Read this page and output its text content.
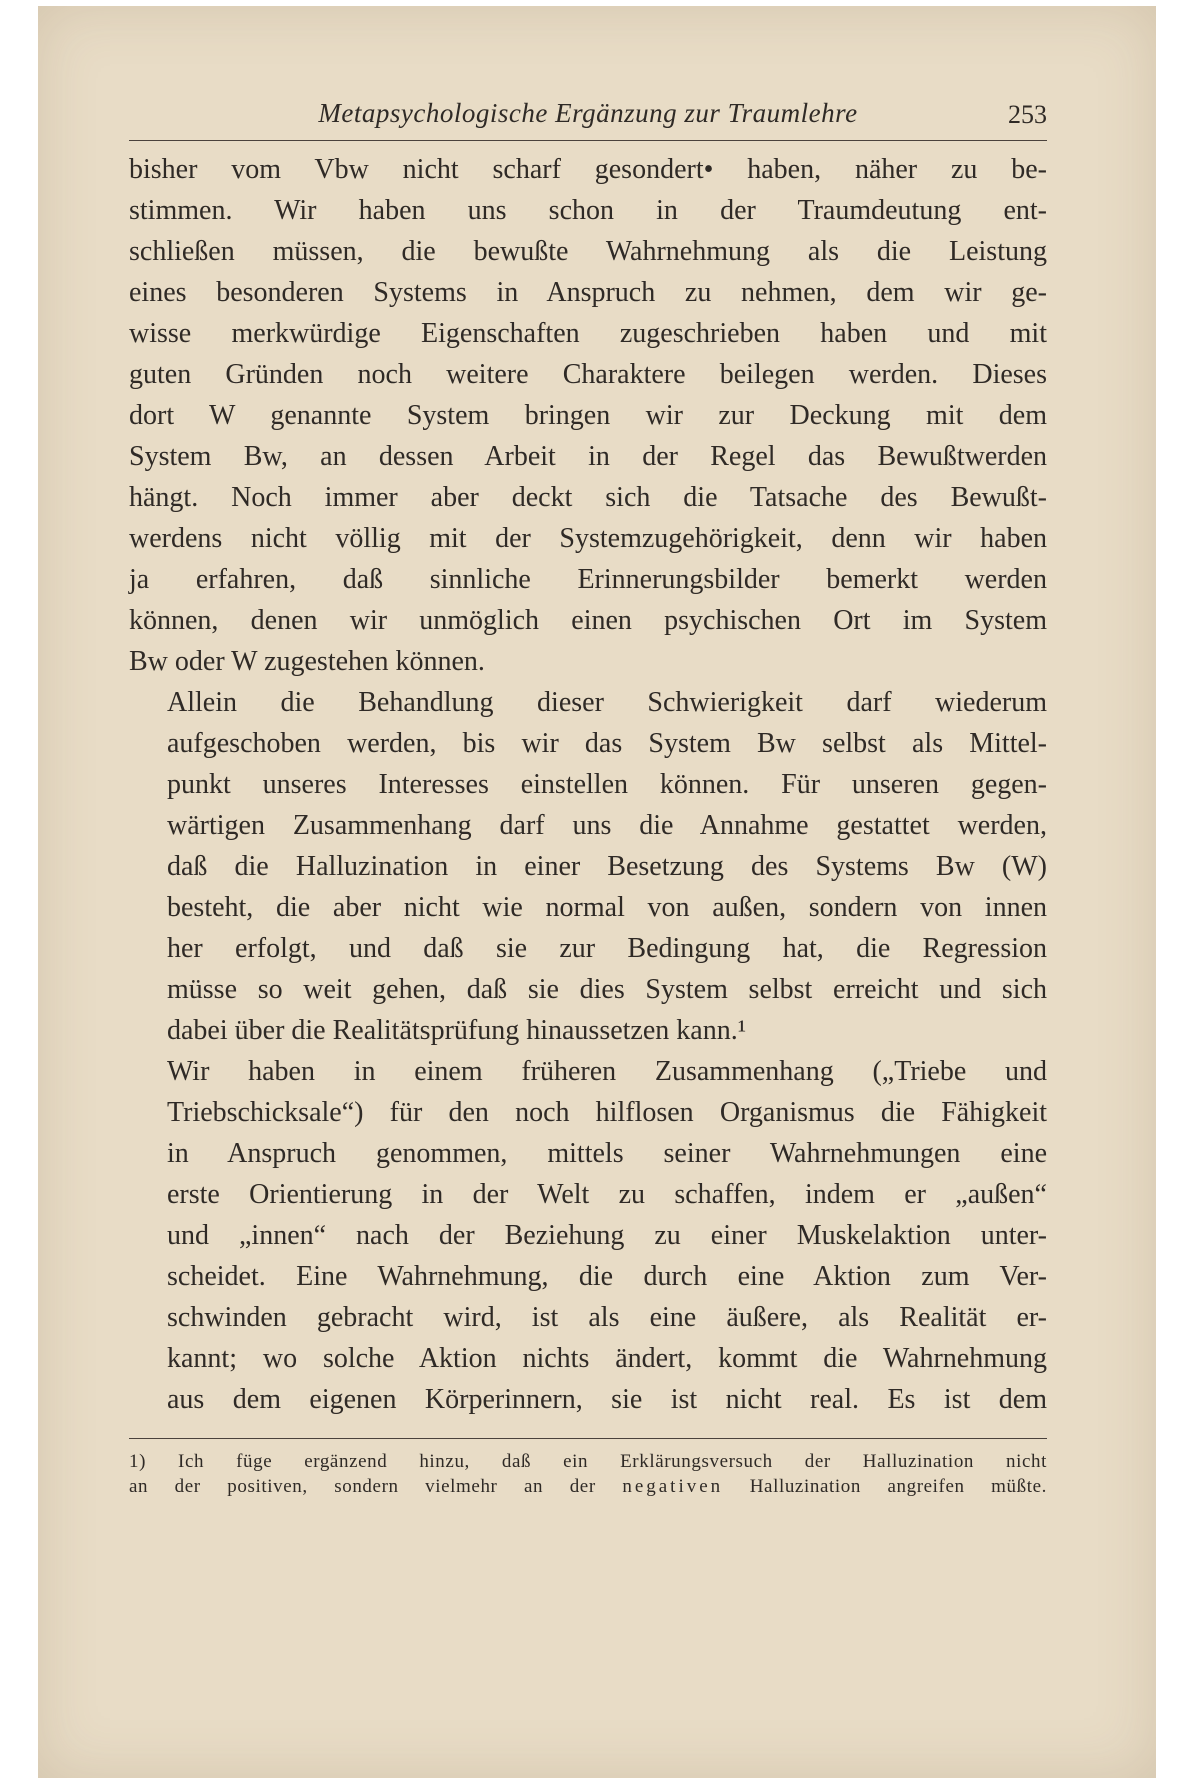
Metapsychologische Ergänzung zur Traumlehre	253

bisher vom Vbw nicht scharf gesondert• haben, näher zu be-
stimmen. Wir haben uns schon in der Traumdeutung ent-
schließen müssen, die bewußte Wahrnehmung als die Leistung
eines besonderen Systems in Anspruch zu nehmen, dem wir ge-
wisse merkwürdige Eigenschaften zugeschrieben haben und mit
guten Gründen noch weitere Charaktere beilegen werden. Dieses
dort W genannte System bringen wir zur Deckung mit dem
System Bw, an dessen Arbeit in der Regel das Bewußtwerden
hängt. Noch immer aber deckt sich die Tatsache des Bewußt-
werdens nicht völlig mit der Systemzugehörigkeit, denn wir haben
ja erfahren, daß sinnliche Erinnerungsbilder bemerkt werden
können, denen wir unmöglich einen psychischen Ort im System
Bw oder W zugestehen können.

Allein die Behandlung dieser Schwierigkeit darf wiederum
aufgeschoben werden, bis wir das System Bw selbst als Mittel-
punkt unseres Interesses einstellen können. Für unseren gegen-
wärtigen Zusammenhang darf uns die Annahme gestattet werden,
daß die Halluzination in einer Besetzung des Systems Bw (W)
besteht, die aber nicht wie normal von außen, sondern von innen
her erfolgt, und daß sie zur Bedingung hat, die Regression
müsse so weit gehen, daß sie dies System selbst erreicht und sich
dabei über die Realitätsprüfung hinaussetzen kann.¹

Wir haben in einem früheren Zusammenhang („Triebe und
Triebschicksale“) für den noch hilflosen Organismus die Fähigkeit
in Anspruch genommen, mittels seiner Wahrnehmungen eine
erste Orientierung in der Welt zu schaffen, indem er „außen“
und „innen“ nach der Beziehung zu einer Muskelaktion unter-
scheidet. Eine Wahrnehmung, die durch eine Aktion zum Ver-
schwinden gebracht wird, ist als eine äußere, als Realität er-
kannt; wo solche Aktion nichts ändert, kommt die Wahrnehmung
aus dem eigenen Körperinnern, sie ist nicht real. Es ist dem

1) Ich füge ergänzend hinzu, daß ein Erklärungsversuch der Halluzination nicht
an der positiven, sondern vielmehr an der negativen Halluzination angreifen müßte.
